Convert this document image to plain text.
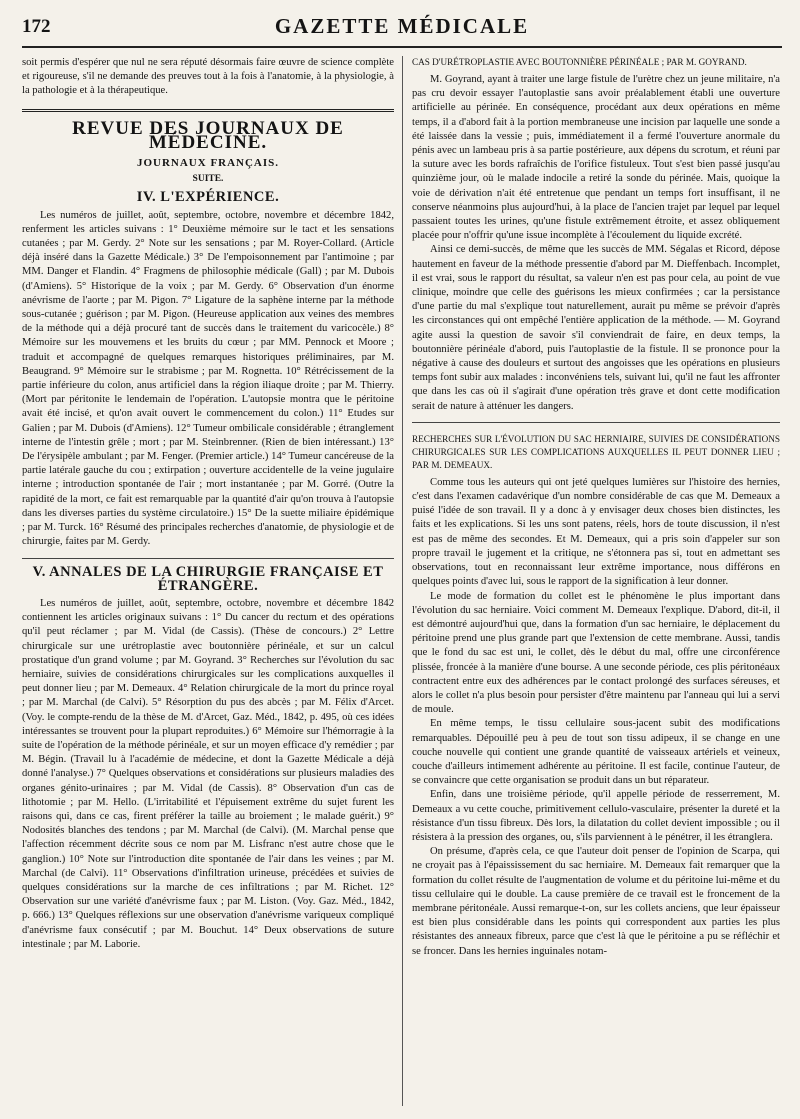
172	GAZETTE MÉDICALE

soit permis d'espérer que nul ne sera réputé désormais faire œuvre de science complète et rigoureuse, s'il ne demande des preuves tout à la fois à l'anatomie, à la physiologie, à la pathologie et à la thérapeutique.

REVUE DES JOURNAUX DE MÉDECINE.
JOURNAUX FRANÇAIS.
SUITE.
IV. L'EXPÉRIENCE.

Les numéros de juillet, août, septembre, octobre, novembre et décembre 1842, renferment les articles suivans : 1° Deuxième mémoire sur le tact et les sensations cutanées ; par M. Gerdy. 2° Note sur les sensations ; par M. Royer-Collard. (Article déjà inséré dans la Gazette Médicale.) 3° De l'empoisonnement par l'antimoine ; par MM. Danger et Flandin. 4° Fragmens de philosophie médicale (Gall) ; par M. Dubois (d'Amiens). 5° Historique de la voix ; par M. Gerdy. 6° Observation d'un énorme anévrisme de l'aorte ; par M. Pigon. 7° Ligature de la saphène interne par la méthode sous-cutanée ; guérison ; par M. Pigon. (Heureuse application aux veines des membres de la méthode qui a déjà procuré tant de succès dans le traitement du varicocèle.) 8° Mémoire sur les mouvemens et les bruits du cœur ; par MM. Pennock et Moore ; traduit et accompagné de quelques remarques historiques préliminaires, par M. Beaugrand. 9° Mémoire sur le strabisme ; par M. Rognetta. 10° Rétrécissement de la partie inférieure du colon, anus artificiel dans la région iliaque droite ; par M. Thierry. (Mort par péritonite le lendemain de l'opération. L'autopsie montra que le péritoine avait été incisé, et qu'on avait ouvert le commencement du colon.) 11° Etudes sur Galien ; par M. Dubois (d'Amiens). 12° Tumeur ombilicale considérable ; étranglement interne de l'intestin grêle ; mort ; par M. Steinbrenner. (Rien de bien intéressant.) 13° De l'érysipèle ambulant ; par M. Fenger. (Premier article.) 14° Tumeur cancéreuse de la partie latérale gauche du cou ; extirpation ; ouverture accidentelle de la veine jugulaire interne ; introduction spontanée de l'air ; mort instantanée ; par M. Gorré. (Outre la rapidité de la mort, ce fait est remarquable par la quantité d'air qu'on trouva à l'autopsie dans les diverses parties du système circulatoire.) 15° De la suette miliaire épidémique ; par M. Turck. 16° Résumé des principales recherches d'anatomie, de physiologie et de chirurgie, faites par M. Gerdy.

V. ANNALES DE LA CHIRURGIE FRANÇAISE ET ÉTRANGÈRE.

Les numéros de juillet, août, septembre, octobre, novembre et décembre 1842 contiennent les articles originaux suivans : 1° Du cancer du rectum et des opérations qu'il peut réclamer ; par M. Vidal (de Cassis). (Thèse de concours.) 2° Lettre chirurgicale sur une urétroplastie avec boutonnière périnéale, et sur un calcul prostatique d'un grand volume ; par M. Goyrand. 3° Recherches sur l'évolution du sac herniaire, suivies de considérations chirurgicales sur les complications auxquelles il peut donner lieu ; par M. Demeaux. 4° Relation chirurgicale de la mort du prince royal ; par M. Marchal (de Calvi). 5° Résorption du pus des abcès ; par M. Félix d'Arcet. (Voy. le compte-rendu de la thèse de M. d'Arcet, Gaz. Méd., 1842, p. 495, où ces idées intéressantes se trouvent pour la plupart reproduites.) 6° Mémoire sur l'hémorragie à la suite de l'opération de la méthode périnéale, et sur un moyen efficace d'y remédier ; par M. Bégin. (Travail lu à l'académie de médecine, et dont la Gazette Médicale a déjà donné l'analyse.) 7° Quelques observations et considérations sur plusieurs maladies des organes génito-urinaires ; par M. Vidal (de Cassis). 8° Observation d'un cas de lithotomie ; par M. Hello. (L'irritabilité et l'épuisement extrême du sujet furent les raisons qui, dans ce cas, firent préférer la taille au broiement ; le malade guérit.) 9° Nodosités blanches des tendons ; par M. Marchal (de Calvi). (M. Marchal pense que l'affection récemment décrite sous ce nom par M. Lisfranc n'est autre chose que le ganglion.) 10° Note sur l'introduction dite spontanée de l'air dans les veines ; par M. Marchal (de Calvi). 11° Observations d'infiltration urineuse, précédées et suivies de quelques considérations sur la marche de ces infiltrations ; par M. Richet. 12° Observation sur une variété d'anévrisme faux ; par M. Liston. (Voy. Gaz. Méd., 1842, p. 666.) 13° Quelques réflexions sur une observation d'anévrisme variqueux compliqué d'anévrisme faux consécutif ; par M. Bouchut. 14° Deux observations de suture intestinale ; par M. Laborie.

CAS D'URÉTROPLASTIE AVEC BOUTONNIÈRE PÉRINÉALE ; PAR M. GOYRAND.

M. Goyrand, ayant à traiter une large fistule de l'urètre chez un jeune militaire, n'a pas cru devoir essayer l'autoplastie sans avoir préalablement établi une ouverture artificielle au périnée. En conséquence, procédant aux deux opérations en même temps, il a d'abord fait à la portion membraneuse une incision par laquelle une sonde a été laissée dans la vessie ; puis, immédiatement il a fermé l'ouverture anormale du pénis avec un lambeau pris à sa partie postérieure, aux dépens du scrotum, et réuni par la suture avec les bords rafraîchis de l'orifice fistuleux. Tout s'est bien passé jusqu'au quinzième jour, où le malade indocile a retiré la sonde du périnée. Mais, quoique la voie de dérivation n'ait été entretenue que pendant un temps fort insuffisant, il ne conserve néanmoins plus aujourd'hui, à la place de l'ancien trajet par lequel par lequel passaient toutes les urines, qu'une fistule extrêmement étroite, et assez obliquement placée pour n'offrir qu'une issue incomplète à l'écoulement du liquide excrété.

Ainsi ce demi-succès, de même que les succès de MM. Ségalas et Ricord, dépose hautement en faveur de la méthode pressentie d'abord par M. Dieffenbach. Incomplet, il est vrai, sous le rapport du résultat, sa valeur n'en est pas pour cela, au point de vue clinique, moindre que celle des guérisons les mieux confirmées ; car la persistance d'une partie du mal s'explique tout naturellement, aurait pu même se prévoir d'après les circonstances qui ont empêché l'entière application de la méthode. — M. Goyrand agite aussi la question de savoir s'il conviendrait de faire, en deux temps, la boutonnière périnéale d'abord, puis l'autoplastie de la fistule. Il se prononce pour la négative à cause des douleurs et surtout des angoisses que les opérations en plusieurs temps font subir aux malades : inconvéniens tels, suivant lui, qu'il ne faut les affronter que dans les cas où il s'agirait d'une opération très grave et dont cette modification serait de nature à atténuer les dangers.

RECHERCHES SUR L'ÉVOLUTION DU SAC HERNIAIRE, SUIVIES DE CONSIDÉRATIONS CHIRURGICALES SUR LES COMPLICATIONS AUXQUELLES IL PEUT DONNER LIEU ; PAR M. DEMEAUX.

Comme tous les auteurs qui ont jeté quelques lumières sur l'histoire des hernies, c'est dans l'examen cadavérique d'un nombre considérable de cas que M. Demeaux a puisé l'idée de son travail. Il y a donc à y envisager deux choses bien distinctes, les faits et les explications. Si les uns sont patens, réels, hors de toute discussion, il n'est est pas de même des secondes. Et M. Demeaux, qui a pris soin d'appeler sur son propre travail le jugement et la critique, ne s'étonnera pas si, tout en admettant ses observations, tout en reconnaissant leur extrême importance, nous différons en quelques points d'avec lui, sous le rapport de la signification à leur donner.

Le mode de formation du collet est le phénomène le plus important dans l'évolution du sac herniaire. Voici comment M. Demeaux l'explique. D'abord, dit-il, il est démontré aujourd'hui que, dans la formation d'un sac herniaire, le déplacement du péritoine prend une plus grande part que l'extension de cette membrane. Aussi, tandis que le fond du sac est uni, le collet, dès le début du mal, offre une circonférence plissée, froncée à la manière d'une bourse. A une seconde période, ces plis péritonéaux contractent entre eux des adhérences par le contact prolongé des surfaces séreuses, et alors le collet n'a plus besoin pour persister d'être maintenu par l'anneau qui lui a servi de moule.

En même temps, le tissu cellulaire sous-jacent subit des modifications remarquables. Dépouillé peu à peu de tout son tissu adipeux, il se change en une couche nouvelle qui contient une grande quantité de vaisseaux artériels et veineux, couche d'ailleurs intimement adhérente au péritoine. Il est facile, continue l'auteur, de se convaincre que cette organisation se produit dans un but réparateur.

Enfin, dans une troisième période, qu'il appelle période de resserrement, M. Demeaux a vu cette couche, primitivement cellulo-vasculaire, présenter la dureté et la résistance d'un tissu fibreux. Dès lors, la dilatation du collet devient impossible ; ou il résistera à la pression des organes, ou, s'ils parviennent à le pénétrer, il les étranglera.

On présume, d'après cela, ce que l'auteur doit penser de l'opinion de Scarpa, qui ne croyait pas à l'épaississement du sac herniaire. M. Demeaux fait remarquer que la formation du collet résulte de l'augmentation de volume et du péritoine lui-même et du tissu cellulaire qui le double. La cause première de ce travail est le froncement de la membrane péritonéale. Aussi remarque-t-on, sur les collets anciens, que leur épaisseur est bien plus considérable dans les points qui correspondent aux parties les plus résistantes des anneaux fibreux, parce que c'est là que le péritoine a pu se réfléchir et se froncer. Dans les hernies inguinales notam-
